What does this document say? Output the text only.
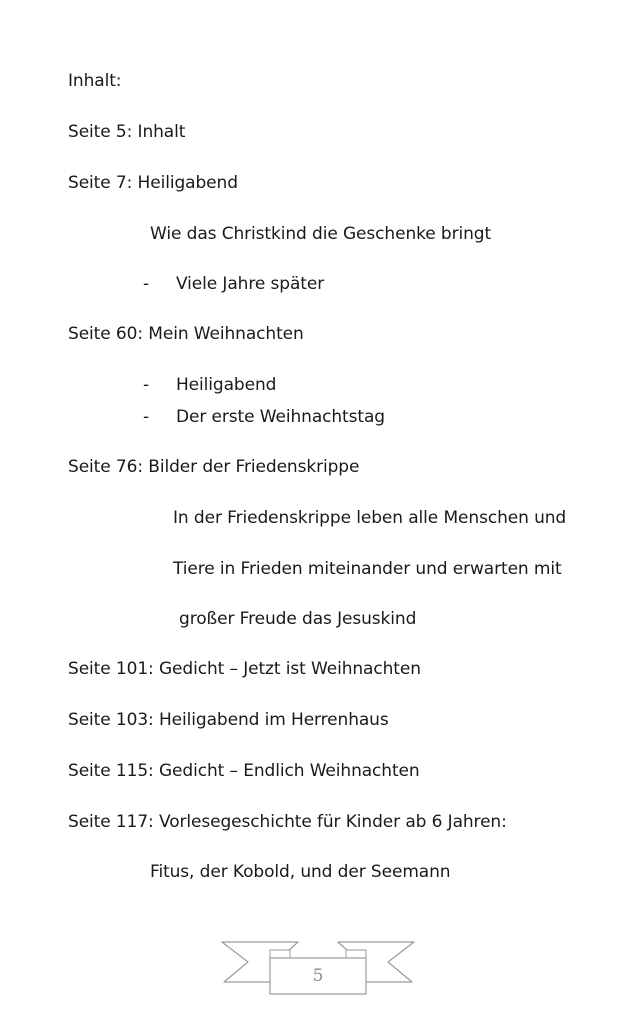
Inhalt:
Seite 5: Inhalt
Seite 7: Heiligabend
Wie das Christkind die Geschenke bringt
- Viele Jahre später
Seite 60: Mein Weihnachten
- Heiligabend
- Der erste Weihnachtstag
Seite 76: Bilder der Friedenskrippe
In der Friedenskrippe leben alle Menschen und
Tiere in Frieden miteinander und erwarten mit
großer Freude das Jesuskind
Seite 101: Gedicht – Jetzt ist Weihnachten
Seite 103: Heiligabend im Herrenhaus
Seite 115: Gedicht – Endlich Weihnachten
Seite 117: Vorlesegeschichte für Kinder ab 6 Jahren:
Fitus, der Kobold, und der Seemann
5
